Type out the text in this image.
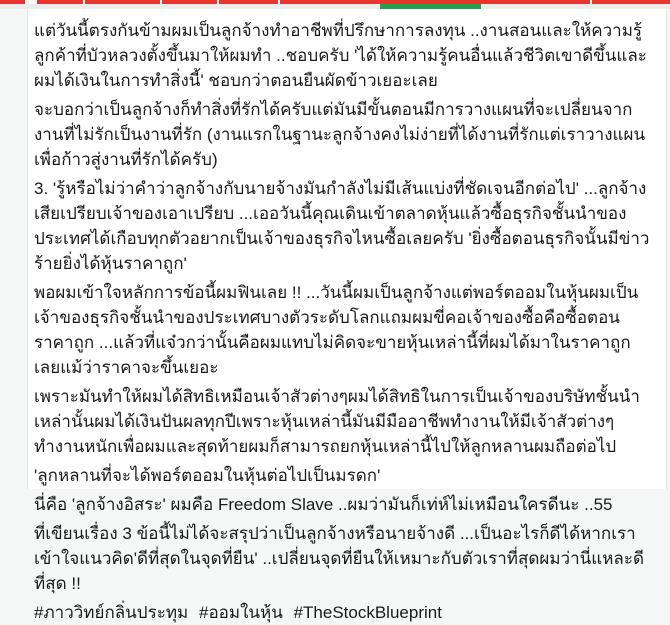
แต่วันนี้ตรงกันข้ามผมเป็นลูกจ้างทำอาชีพที่ปรึกษาการลงทุน ..งานสอนและให้ความรู้ลูกค้าที่บัวหลวงตั้งขึ้นมาให้ผมทำ ..ชอบครับ 'ได้ให้ความรู้คนอื่นแล้วชีวิตเขาดีขึ้นและผมได้เงินในการทำสิ่งนี้' ชอบกว่าตอนยืนผัดข้าวเยอะเลย

จะบอกว่าเป็นลูกจ้างก็ทำสิ่งที่รักได้ครับแต่มันมีขั้นตอนมีการวางแผนที่จะเปลี่ยนจากงานที่ไม่รักเป็นงานที่รัก (งานแรกในฐานะลูกจ้างคงไม่ง่ายที่ได้งานที่รักแต่เราวางแผนเพื่อก้าวสู่งานที่รักได้ครับ)

3. 'รู้หรือไม่ว่าคำว่าลูกจ้างกับนายจ้างมันกำลังไม่มีเส้นแบ่งที่ชัดเจนอีกต่อไป' ...ลูกจ้างเสียเปรียบเจ้าของเอาเปรียบ ...เออวันนี้คุณเดินเข้าตลาดหุ้นแล้วซื้อธุรกิจชั้นนำของประเทศได้เกือบทุกตัวอยากเป็นเจ้าของธุรกิจไหนซื้อเลยครับ 'ยิ่งซื้อตอนธุรกิจนั้นมีข่าวร้ายยิ่งได้หุ้นราคาถูก'

พอผมเข้าใจหลักการข้อนี้ผมฟินเลย !! ...วันนี้ผมเป็นลูกจ้างแต่พอร์ตออมในหุ้นผมเป็นเจ้าของธุรกิจชั้นนำของประเทศบางตัวระดับโลกแถมผมขี่คอเจ้าของซื้อคือซื้อตอนราคาถูก ...แล้วที่แจ๋วกว่านั้นคือผมแทบไม่คิดจะขายหุ้นเหล่านี้ที่ผมได้มาในราคาถูกเลยแม้ว่าราคาจะขึ้นเยอะ

เพราะมันทำให้ผมได้สิทธิเหมือนเจ้าสัวต่างๆผมได้สิทธิในการเป็นเจ้าของบริษัทชั้นนำเหล่านั้นผมได้เงินปันผลทุกปีเพราะหุ้นเหล่านี้มันมีมืออาชีพทำงานให้มีเจ้าสัวต่างๆทำงานหนักเพื่อผมและสุดท้ายผมก็สามารถยกหุ้นเหล่านี้ไปให้ลูกหลานผมถือต่อไป

'ลูกหลานที่จะได้พอร์ตออมในหุ้นต่อไปเป็นมรดก'

นี่คือ 'ลูกจ้างอิสระ' ผมคือ Freedom Slave ..ผมว่ามันก็เท่ห์ไม่เหมือนใครดีนะ ..55

ที่เขียนเรื่อง 3 ข้อนี้ไม่ได้จะสรุปว่าเป็นลูกจ้างหรือนายจ้างดี ...เป็นอะไรก็ดีได้หากเราเข้าใจแนวคิด'ดีที่สุดในจุดที่ยืน' ..เปลี่ยนจุดที่ยืนให้เหมาะกับตัวเราที่สุดผมว่านี่แหละดีที่สุด !!

#ภาววิทย์กลิ่นประทุม #ออมในหุ้น #TheStockBlueprint
